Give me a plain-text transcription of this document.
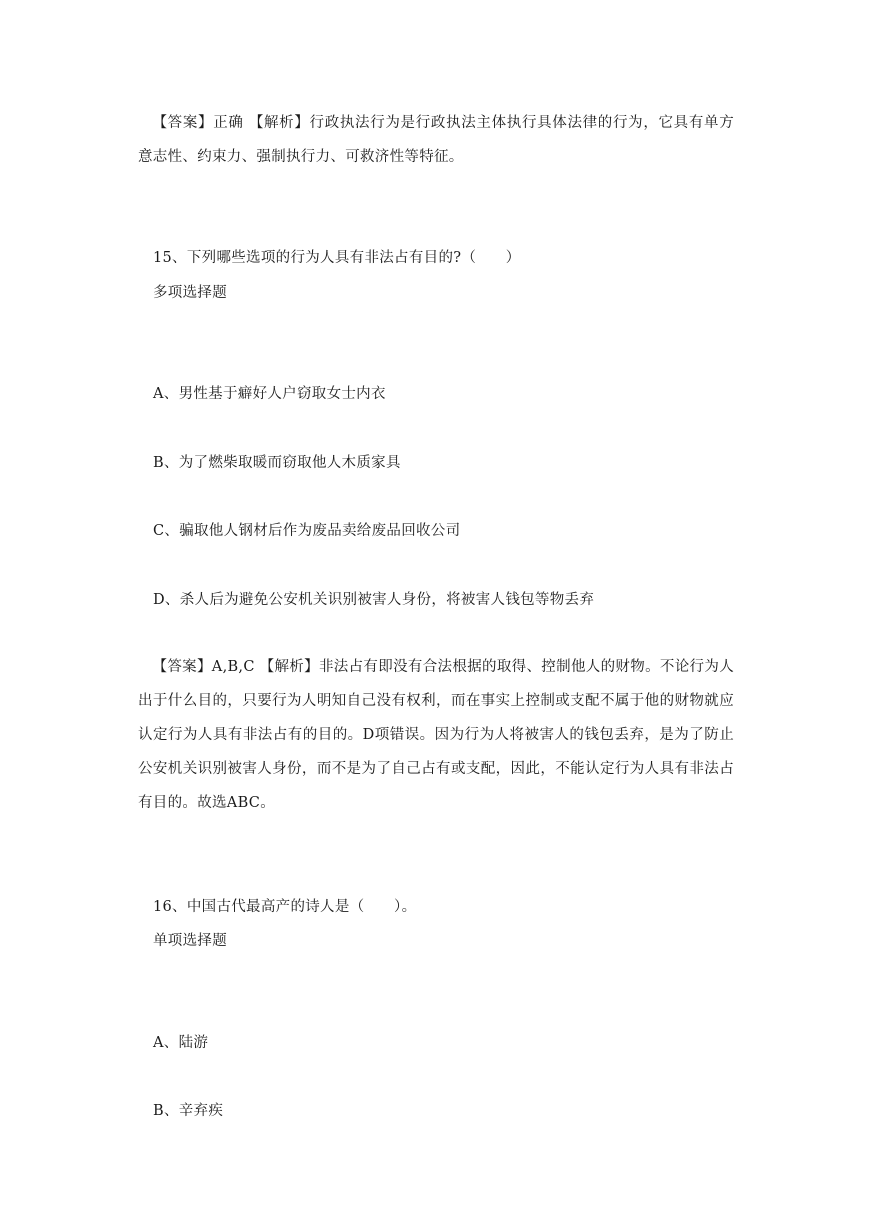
【答案】正确 【解析】行政执法行为是行政执法主体执行具体法律的行为，它具有单方意志性、约束力、强制执行力、可救济性等特征。
15、下列哪些选项的行为人具有非法占有目的?（　　）
多项选择题
A、男性基于癖好人户窃取女士内衣
B、为了燃柴取暖而窃取他人木质家具
C、骗取他人钢材后作为废品卖给废品回收公司
D、杀人后为避免公安机关识别被害人身份，将被害人钱包等物丢弃
【答案】A,B,C 【解析】非法占有即没有合法根据的取得、控制他人的财物。不论行为人出于什么目的，只要行为人明知自己没有权利，而在事实上控制或支配不属于他的财物就应认定行为人具有非法占有的目的。D项错误。因为行为人将被害人的钱包丢弃，是为了防止公安机关识别被害人身份，而不是为了自己占有或支配，因此，不能认定行为人具有非法占有目的。故选ABC。
16、中国古代最高产的诗人是（　　）。
单项选择题
A、陆游
B、辛弃疾
